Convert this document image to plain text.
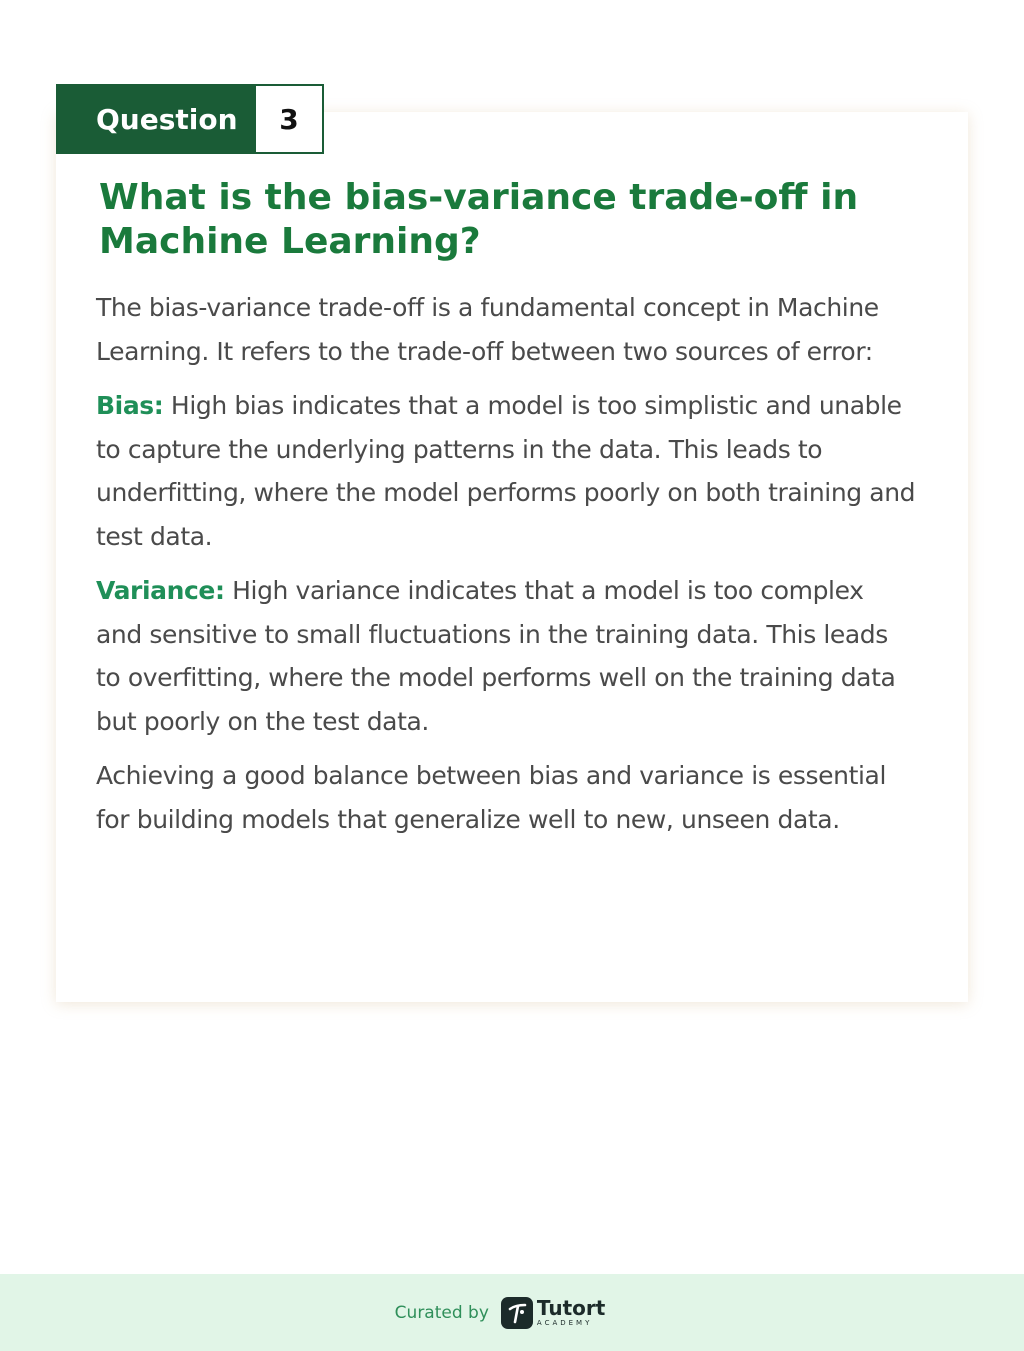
Question	3
What is the bias-variance trade-off in Machine Learning?

The bias-variance trade-off is a fundamental concept in Machine Learning. It refers to the trade-off between two sources of error:

Bias: High bias indicates that a model is too simplistic and unable to capture the underlying patterns in the data. This leads to underfitting, where the model performs poorly on both training and test data.

Variance: High variance indicates that a model is too complex and sensitive to small fluctuations in the training data. This leads to overfitting, where the model performs well on the training data but poorly on the test data.

Achieving a good balance between bias and variance is essential for building models that generalize well to new, unseen data.

Curated by Tutort
ACADEMY
